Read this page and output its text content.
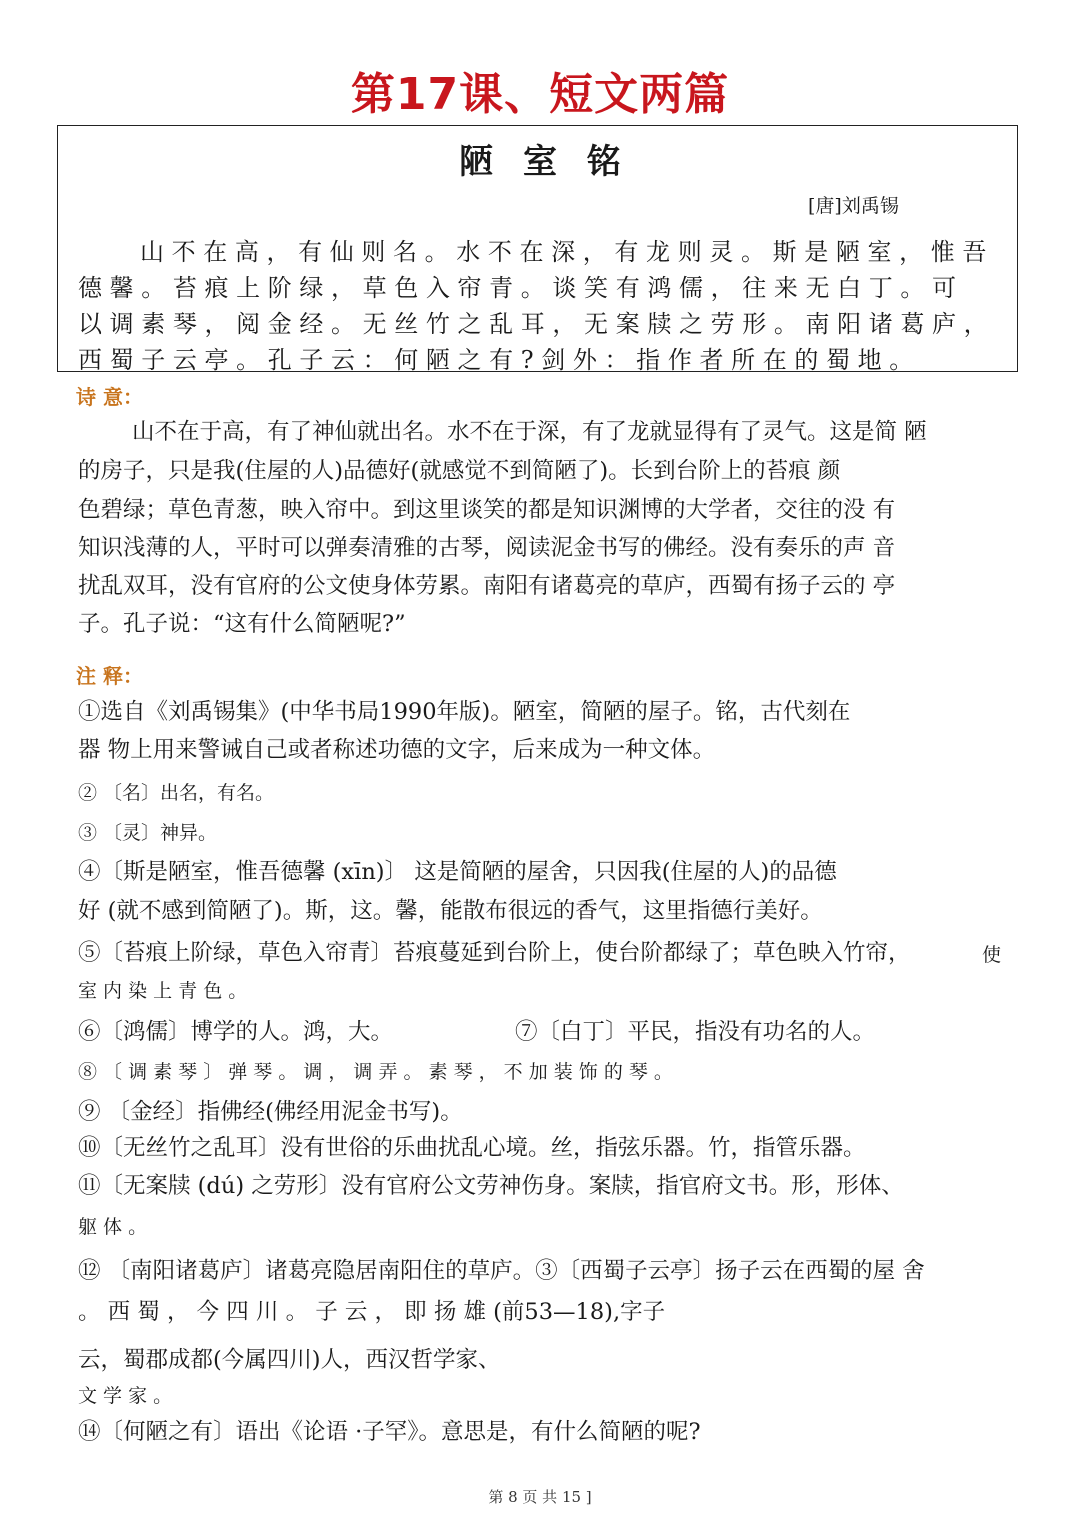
第17课、短文两篇
陋 室 铭
[唐]刘禹锡
山 不 在 高 ， 有 仙 则 名 。 水 不 在 深 ， 有 龙 则 灵 。 斯 是 陋 室 ， 惟 吾
德 馨 。 苔 痕 上 阶 绿 ， 草 色 入 帘 青 。 谈 笑 有 鸿 儒 ， 往 来 无 白 丁 。 可
以 调 素 琴 ， 阅 金 经 。 无 丝 竹 之 乱 耳 ， 无 案 牍 之 劳 形 。 南 阳 诸 葛 庐 ，
西 蜀 子 云 亭 。 孔 子 云 ： 何 陋 之 有 ? 剑 外 ： 指 作 者 所 在 的 蜀 地 。
诗 意：
山不在于高，有了神仙就出名。水不在于深，有了龙就显得有了灵气。这是简 陋
的房子，只是我(住屋的人)品德好(就感觉不到简陋了)。长到台阶上的苔痕 颜
色碧绿；草色青葱，映入帘中。到这里谈笑的都是知识渊博的大学者，交往的没 有
知识浅薄的人，平时可以弹奏清雅的古琴，阅读泥金书写的佛经。没有奏乐的声 音
扰乱双耳，没有官府的公文使身体劳累。南阳有诸葛亮的草庐，西蜀有扬子云的 亭
子。孔子说：“这有什么简陋呢?”
注 释：
①选自《刘禹锡集》(中华书局1990年版)。陋室，简陋的屋子。铭，古代刻在
器 物上用来警诫自己或者称述功德的文字，后来成为一种文体。
② 〔名〕出名，有名。
③ 〔灵〕神异。
④〔斯是陋室，惟吾德馨 (xīn)〕 这是简陋的屋舍，只因我(住屋的人)的品德
好 (就不感到简陋了)。斯，这。馨，能散布很远的香气，这里指德行美好。
⑤〔苔痕上阶绿，草色入帘青〕苔痕蔓延到台阶上，使台阶都绿了；草色映入竹帘，	使
室 内 染 上 青 色 。
⑥〔鸿儒〕博学的人。鸿，大。	⑦〔白丁〕平民，指没有功名的人。
⑧ 〔 调 素 琴 〕 弹 琴 。 调 ， 调 弄 。 素 琴 ， 不 加 装 饰 的 琴 。
⑨ 〔金经〕指佛经(佛经用泥金书写)。
⑩〔无丝竹之乱耳〕没有世俗的乐曲扰乱心境。丝，指弦乐器。竹，指管乐器。
⑪〔无案牍 (dú) 之劳形〕没有官府公文劳神伤身。案牍，指官府文书。形，形体、
躯 体 。
⑫ 〔南阳诸葛庐〕诸葛亮隐居南阳住的草庐。③〔西蜀子云亭〕扬子云在西蜀的屋 舍
。 西 蜀 ， 今 四 川 。 子 云 ， 即 扬 雄 (前53—18),字子
云，蜀郡成都(今属四川)人，西汉哲学家、
文 学 家 。
⑭〔何陋之有〕语出《论语 ·子罕》。意思是，有什么简陋的呢?
第 8 页 共 15 ]
